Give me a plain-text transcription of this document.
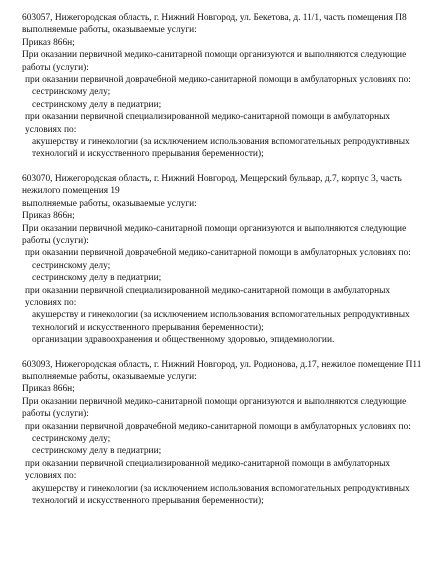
603057, Нижегородская область, г. Нижний Новгород, ул. Бекетова, д. 11/1, часть помещения П8

выполняемые работы, оказываемые услуги:

Приказ 866н;

При оказании первичной медико-санитарной помощи организуются и выполняются следующие работы (услуги):

при оказании первичной доврачебной медико-санитарной помощи в амбулаторных условиях по:

сестринскому делу;

сестринскому делу в педиатрии;

при оказании первичной специализированной медико-санитарной помощи в амбулаторных условиях по:

акушерству и гинекологии (за исключением использования вспомогательных репродуктивных технологий и искусственного прерывания беременности);

603070, Нижегородская область, г. Нижний Новгород, Мещерский бульвар, д.7, корпус 3, часть нежилого помещения 19

выполняемые работы, оказываемые услуги:

Приказ 866н;

При оказании первичной медико-санитарной помощи организуются и выполняются следующие работы (услуги):

при оказании первичной доврачебной медико-санитарной помощи в амбулаторных условиях по:

сестринскому делу;

сестринскому делу в педиатрии;

при оказании первичной специализированной медико-санитарной помощи в амбулаторных условиях по:

акушерству и гинекологии (за исключением использования вспомогательных репродуктивных технологий и искусственного прерывания беременности);

организации здравоохранения и общественному здоровью, эпидемиологии.

603093, Нижегородская область, г. Нижний Новгород, ул. Родионова, д.17, нежилое помещение П11

выполняемые работы, оказываемые услуги:

Приказ 866н;

При оказании первичной медико-санитарной помощи организуются и выполняются следующие работы (услуги):

при оказании первичной доврачебной медико-санитарной помощи в амбулаторных условиях по:

сестринскому делу;

сестринскому делу в педиатрии;

при оказании первичной специализированной медико-санитарной помощи в амбулаторных условиях по:

акушерству и гинекологии (за исключением использования вспомогательных репродуктивных технологий и искусственного прерывания беременности);
